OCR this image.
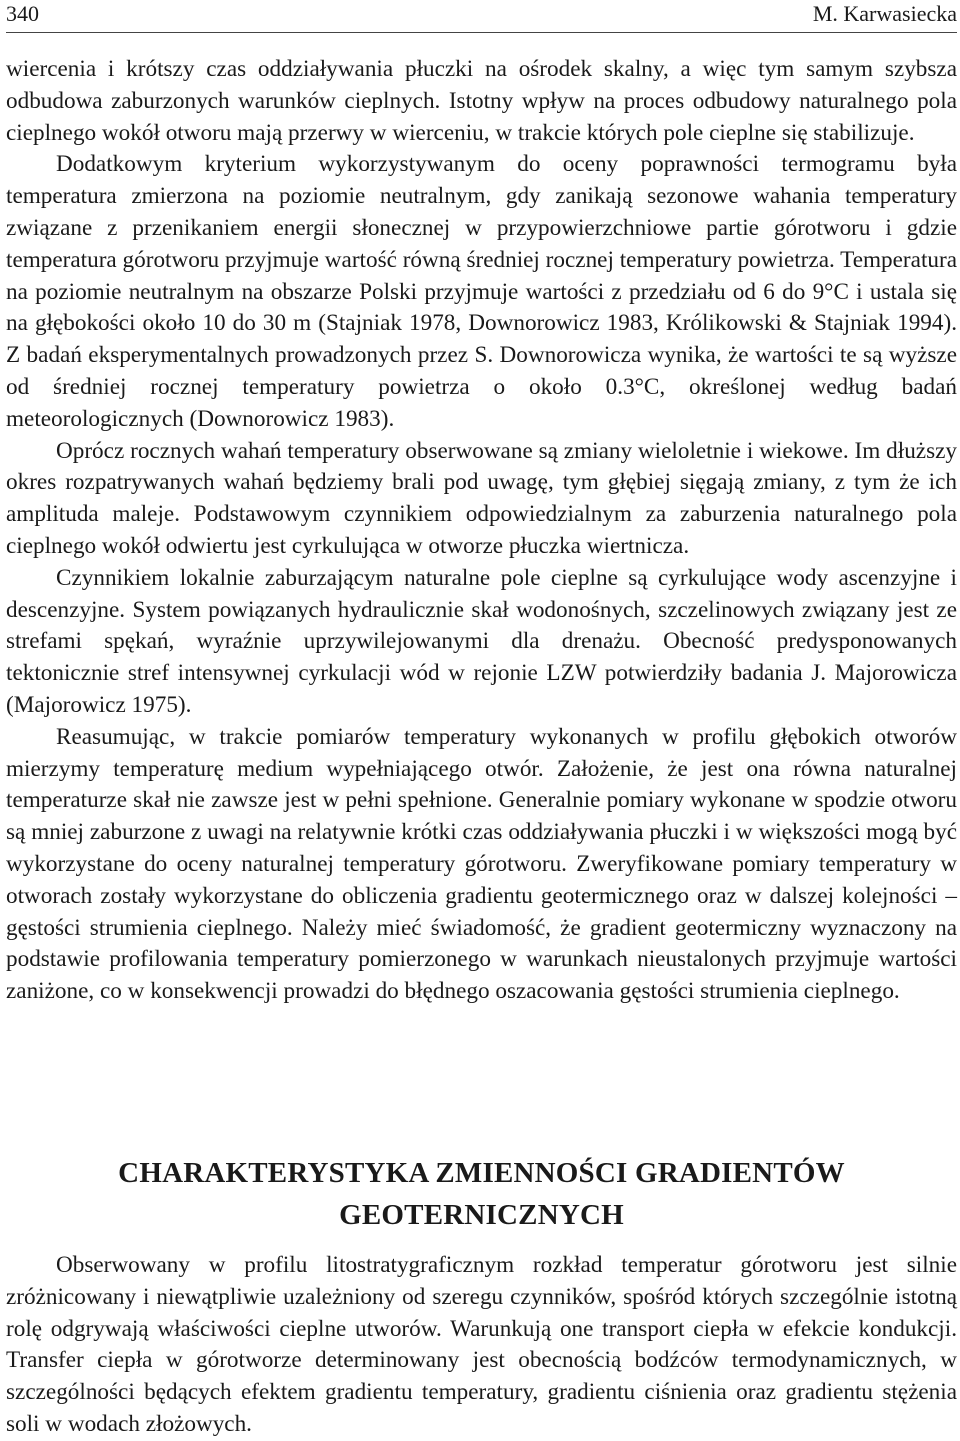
340	M. Karwasiecka

wiercenia i krótszy czas oddziaływania płuczki na ośrodek skalny, a więc tym samym szybsza odbudowa zaburzonych warunków cieplnych. Istotny wpływ na proces odbudowy naturalnego pola cieplnego wokół otworu mają przerwy w wierceniu, w trakcie których pole cieplne się stabilizuje.

Dodatkowym kryterium wykorzystywanym do oceny poprawności termogramu była temperatura zmierzona na poziomie neutralnym, gdy zanikają sezonowe wahania temperatury związane z przenikaniem energii słonecznej w przypowierzchniowe partie górotworu i gdzie temperatura górotworu przyjmuje wartość równą średniej rocznej temperatury powietrza. Temperatura na poziomie neutralnym na obszarze Polski przyjmuje wartości z przedziału od 6 do 9°C i ustala się na głębokości około 10 do 30 m (Stajniak 1978, Downorowicz 1983, Królikowski & Stajniak 1994). Z badań eksperymentalnych prowadzonych przez S. Downorowicza wynika, że wartości te są wyższe od średniej rocznej temperatury powietrza o około 0.3°C, określonej według badań meteorologicznych (Downorowicz 1983).

Oprócz rocznych wahań temperatury obserwowane są zmiany wieloletnie i wiekowe. Im dłuższy okres rozpatrywanych wahań będziemy brali pod uwagę, tym głębiej sięgają zmiany, z tym że ich amplituda maleje. Podstawowym czynnikiem odpowiedzialnym za zaburzenia naturalnego pola cieplnego wokół odwiertu jest cyrkulująca w otworze płuczka wiertnicza.

Czynnikiem lokalnie zaburzającym naturalne pole cieplne są cyrkulujące wody ascenzyjne i descenzyjne. System powiązanych hydraulicznie skał wodonośnych, szczelinowych związany jest ze strefami spękań, wyraźnie uprzywilejowanymi dla drenażu. Obecność predysponowanych tektonicznie stref intensywnej cyrkulacji wód w rejonie LZW potwierdziły badania J. Majorowicza (Majorowicz 1975).

Reasumując, w trakcie pomiarów temperatury wykonanych w profilu głębokich otworów mierzymy temperaturę medium wypełniającego otwór. Założenie, że jest ona równa naturalnej temperaturze skał nie zawsze jest w pełni spełnione. Generalnie pomiary wykonane w spodzie otworu są mniej zaburzone z uwagi na relatywnie krótki czas oddziaływania płuczki i w większości mogą być wykorzystane do oceny naturalnej temperatury górotworu. Zweryfikowane pomiary temperatury w otworach zostały wykorzystane do obliczenia gradientu geotermicznego oraz w dalszej kolejności – gęstości strumienia cieplnego. Należy mieć świadomość, że gradient geotermiczny wyznaczony na podstawie profilowania temperatury pomierzonego w warunkach nieustalonych przyjmuje wartości zaniżone, co w konsekwencji prowadzi do błędnego oszacowania gęstości strumienia cieplnego.

CHARAKTERYSTYKA ZMIENNOŚCI GRADIENTÓW
GEOTERNICZNYCH

Obserwowany w profilu litostratygraficznym rozkład temperatur górotworu jest silnie zróżnicowany i niewątpliwie uzależniony od szeregu czynników, spośród których szczególnie istotną rolę odgrywają właściwości cieplne utworów. Warunkują one transport ciepła w efekcie kondukcji. Transfer ciepła w górotworze determinowany jest obecnością bodźców termodynamicznych, w szczególności będących efektem gradientu temperatury, gradientu ciśnienia oraz gradientu stężenia soli w wodach złożowych.
